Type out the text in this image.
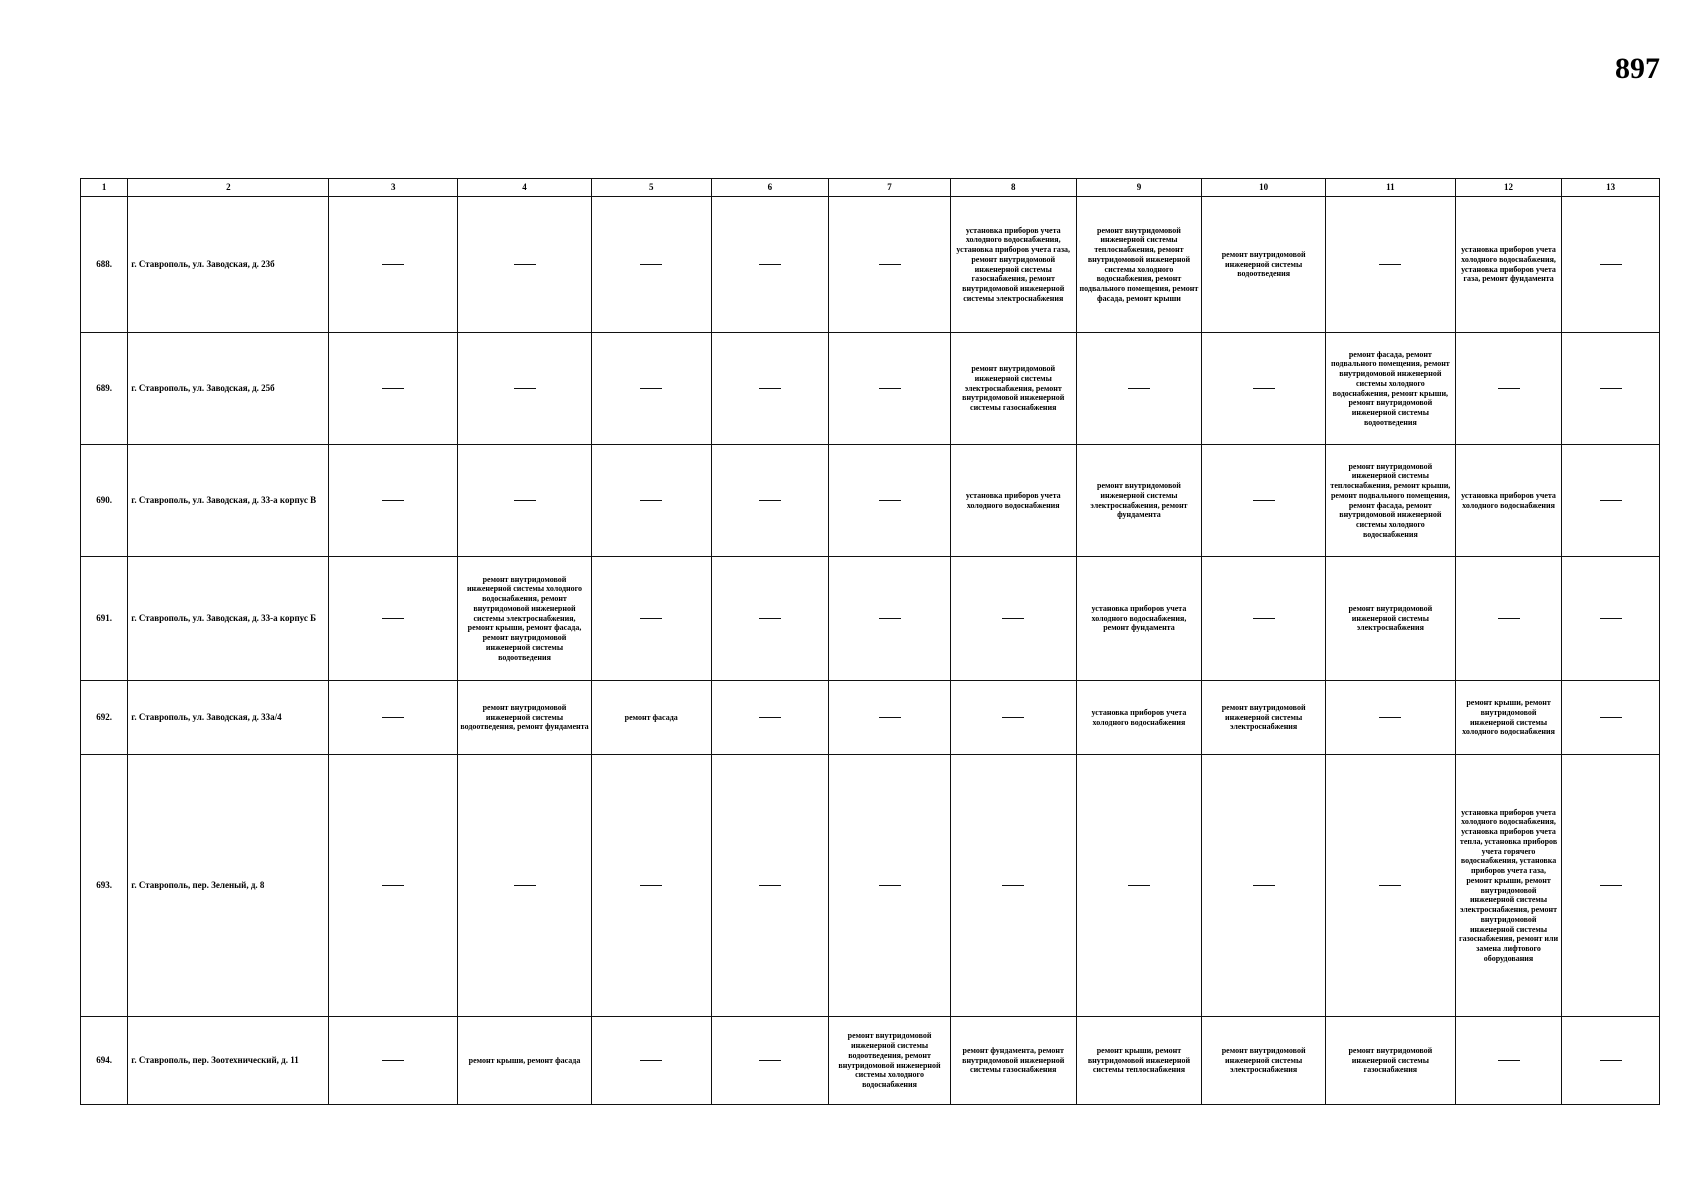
897
1	2	3	4	5	6	7	8	9	10	11	12	13
688.	г. Ставрополь, ул. Заводская, д. 23б						установка приборов учета холодного водоснабжения, установка приборов учета газа, ремонт внутридомовой инженерной системы газоснабжения, ремонт внутридомовой инженерной системы электроснабжения	ремонт внутридомовой инженерной системы теплоснабжения, ремонт внутридомовой инженерной системы холодного водоснабжения, ремонт подвального помещения, ремонт фасада, ремонт крыши	ремонт внутридомовой инженерной системы водоотведения		установка приборов учета холодного водоснабжения, установка приборов учета газа, ремонт фундамента	
689.	г. Ставрополь, ул. Заводская, д. 25б						ремонт внутридомовой инженерной системы электроснабжения, ремонт внутридомовой инженерной системы газоснабжения			ремонт фасада, ремонт подвального помещения, ремонт внутридомовой инженерной системы холодного водоснабжения, ремонт крыши, ремонт внутридомовой инженерной системы водоотведения		
690.	г. Ставрополь, ул. Заводская, д. 33-а корпус В						установка приборов учета холодного водоснабжения	ремонт внутридомовой инженерной системы электроснабжения, ремонт фундамента		ремонт внутридомовой инженерной системы теплоснабжения, ремонт крыши, ремонт подвального помещения, ремонт фасада, ремонт внутридомовой инженерной системы холодного водоснабжения	установка приборов учета холодного водоснабжения	
691.	г. Ставрополь, ул. Заводская, д. 33-а корпус Б		ремонт внутридомовой инженерной системы холодного водоснабжения, ремонт внутридомовой инженерной системы электроснабжения, ремонт крыши, ремонт фасада, ремонт внутридомовой инженерной системы водоотведения					установка приборов учета холодного водоснабжения, ремонт фундамента		ремонт внутридомовой инженерной системы электроснабжения		
692.	г. Ставрополь, ул. Заводская, д. 33а/4		ремонт внутридомовой инженерной системы водоотведения, ремонт фундамента	ремонт фасада				установка приборов учета холодного водоснабжения	ремонт внутридомовой инженерной системы электроснабжения		ремонт крыши, ремонт внутридомовой инженерной системы холодного водоснабжения	
693.	г. Ставрополь, пер. Зеленый, д. 8										установка приборов учета холодного водоснабжения, установка приборов учета тепла, установка приборов учета горячего водоснабжения, установка приборов учета газа, ремонт крыши, ремонт внутридомовой инженерной системы электроснабжения, ремонт внутридомовой инженерной системы газоснабжения, ремонт или замена лифтового оборудования	
694.	г. Ставрополь, пер. Зоотехнический, д. 11		ремонт крыши, ремонт фасада			ремонт внутридомовой инженерной системы водоотведения, ремонт внутридомовой инженерной системы холодного водоснабжения	ремонт фундамента, ремонт внутридомовой инженерной системы газоснабжения	ремонт крыши, ремонт внутридомовой инженерной системы теплоснабжения	ремонт внутридомовой инженерной системы электроснабжения	ремонт внутридомовой инженерной системы газоснабжения		
